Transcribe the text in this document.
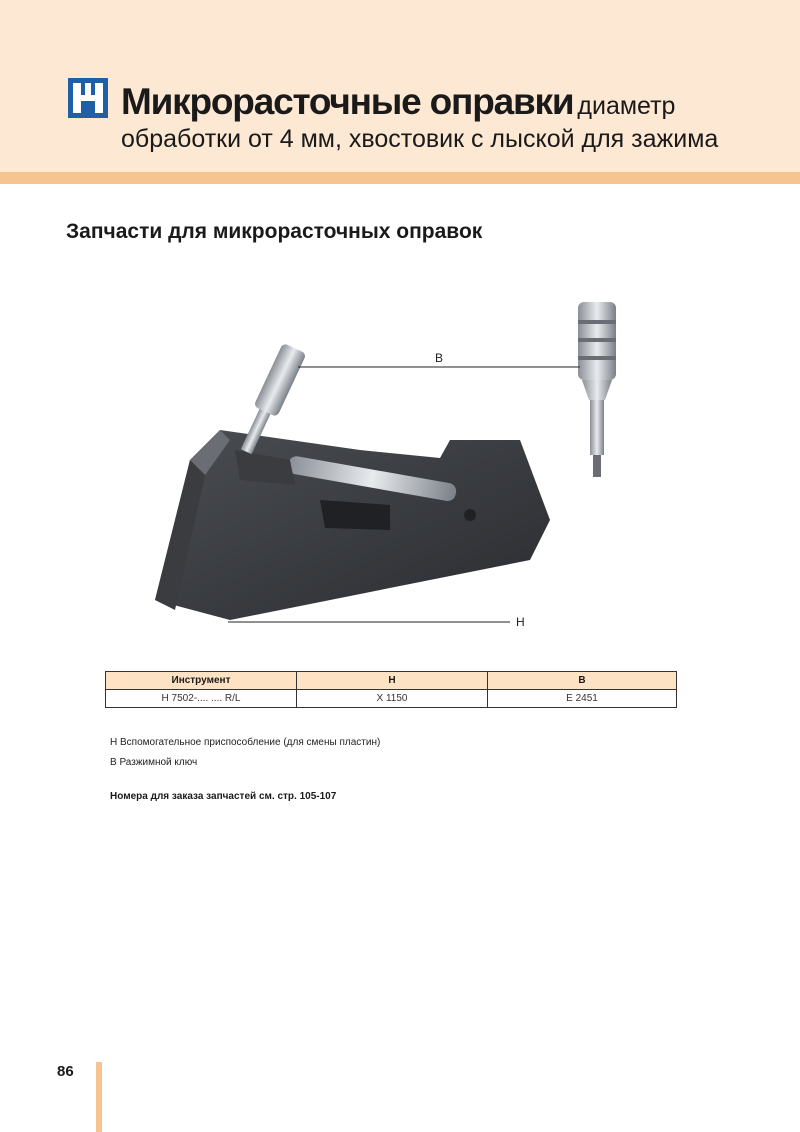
Микрорасточные оправки диаметр
обработки от 4 мм, хвостовик с лыской для зажима
Запчасти для микрорасточных оправок
B
H
Инструмент	H	B
H 7502-.... .... R/L	X 1150	E 2451
H Вспомогательное приспособление (для смены пластин)
B Разжимной ключ
Номера для заказа запчастей см. стр. 105-107
86
